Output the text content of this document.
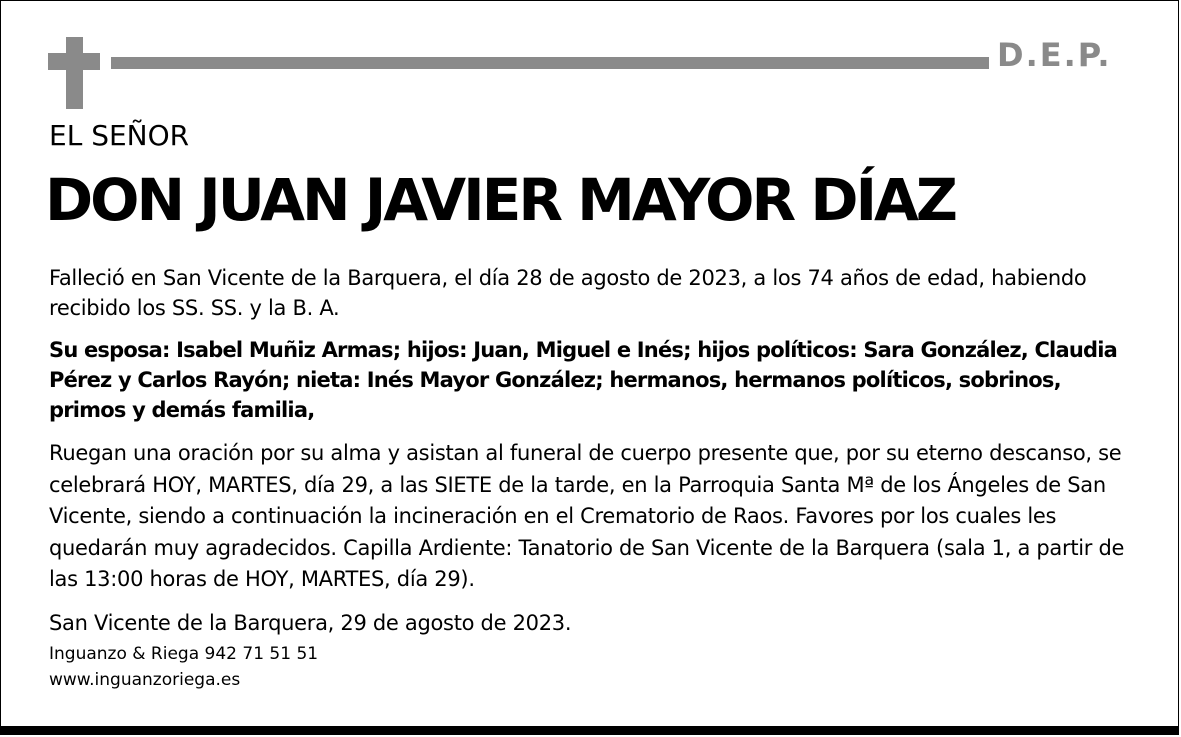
D.E.P.
EL SEÑOR
DON JUAN JAVIER MAYOR DÍAZ

Falleció en San Vicente de la Barquera, el día 28 de agosto de 2023, a los 74 años de edad, habiendo recibido los SS. SS. y la B. A.

Su esposa: Isabel Muñiz Armas; hijos: Juan, Miguel e Inés; hijos políticos: Sara González, Claudia Pérez y Carlos Rayón; nieta: Inés Mayor González; hermanos, hermanos políticos, sobrinos, primos y demás familia,

Ruegan una oración por su alma y asistan al funeral de cuerpo presente que, por su eterno descanso, se celebrará HOY, MARTES, día 29, a las SIETE de la tarde, en la Parroquia Santa Mª de los Ángeles de San Vicente, siendo a continuación la incineración en el Crematorio de Raos. Favores por los cuales les quedarán muy agradecidos. Capilla Ardiente: Tanatorio de San Vicente de la Barquera (sala 1, a partir de las 13:00 horas de HOY, MARTES, día 29).

San Vicente de la Barquera, 29 de agosto de 2023.

Inguanzo & Riega 942 71 51 51
www.inguanzoriega.es
